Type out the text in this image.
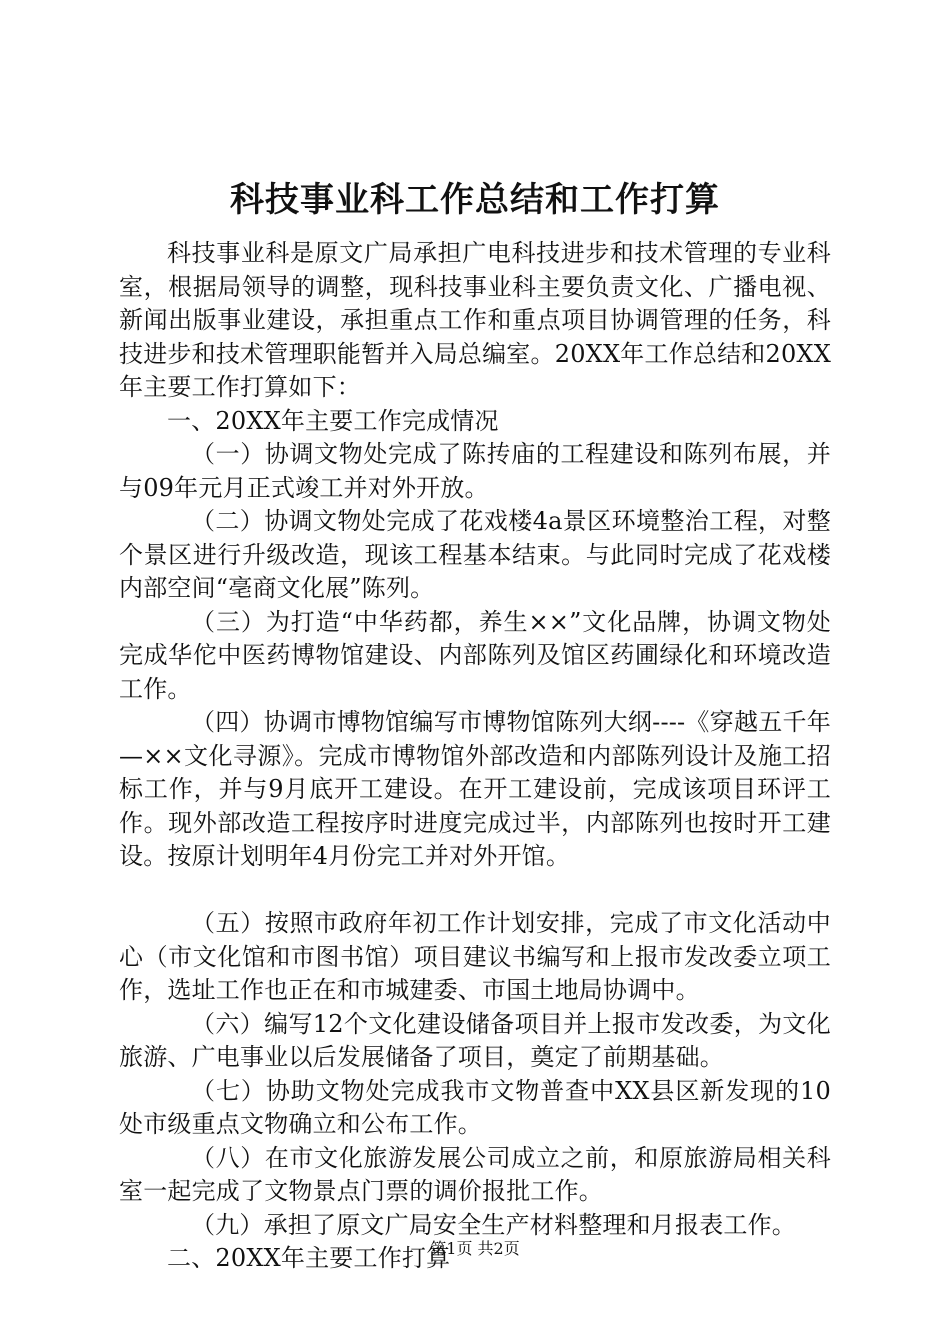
科技事业科工作总结和工作打算

科技事业科是原文广局承担广电科技进步和技术管理的专业科室，根据局领导的调整，现科技事业科主要负责文化、广播电视、新闻出版事业建设，承担重点工作和重点项目协调管理的任务，科技进步和技术管理职能暂并入局总编室。20XX年工作总结和20XX年主要工作打算如下：

一、20XX年主要工作完成情况

（一）协调文物处完成了陈抟庙的工程建设和陈列布展，并与09年元月正式竣工并对外开放。

（二）协调文物处完成了花戏楼4a景区环境整治工程，对整个景区进行升级改造，现该工程基本结束。与此同时完成了花戏楼内部空间“亳商文化展”陈列。

（三）为打造“中华药都，养生××”文化品牌，协调文物处完成华佗中医药博物馆建设、内部陈列及馆区药圃绿化和环境改造工作。

（四）协调市博物馆编写市博物馆陈列大纲----《穿越五千年—××文化寻源》。完成市博物馆外部改造和内部陈列设计及施工招标工作，并与9月底开工建设。在开工建设前，完成该项目环评工作。现外部改造工程按序时进度完成过半，内部陈列也按时开工建设。按原计划明年4月份完工并对外开馆。

（五）按照市政府年初工作计划安排，完成了市文化活动中心（市文化馆和市图书馆）项目建议书编写和上报市发改委立项工作，选址工作也正在和市城建委、市国土地局协调中。

（六）编写12个文化建设储备项目并上报市发改委，为文化旅游、广电事业以后发展储备了项目，奠定了前期基础。

（七）协助文物处完成我市文物普查中XX县区新发现的10处市级重点文物确立和公布工作。

（八）在市文化旅游发展公司成立之前，和原旅游局相关科室一起完成了文物景点门票的调价报批工作。

（九）承担了原文广局安全生产材料整理和月报表工作。

二、20XX年主要工作打算

第1页 共2页
